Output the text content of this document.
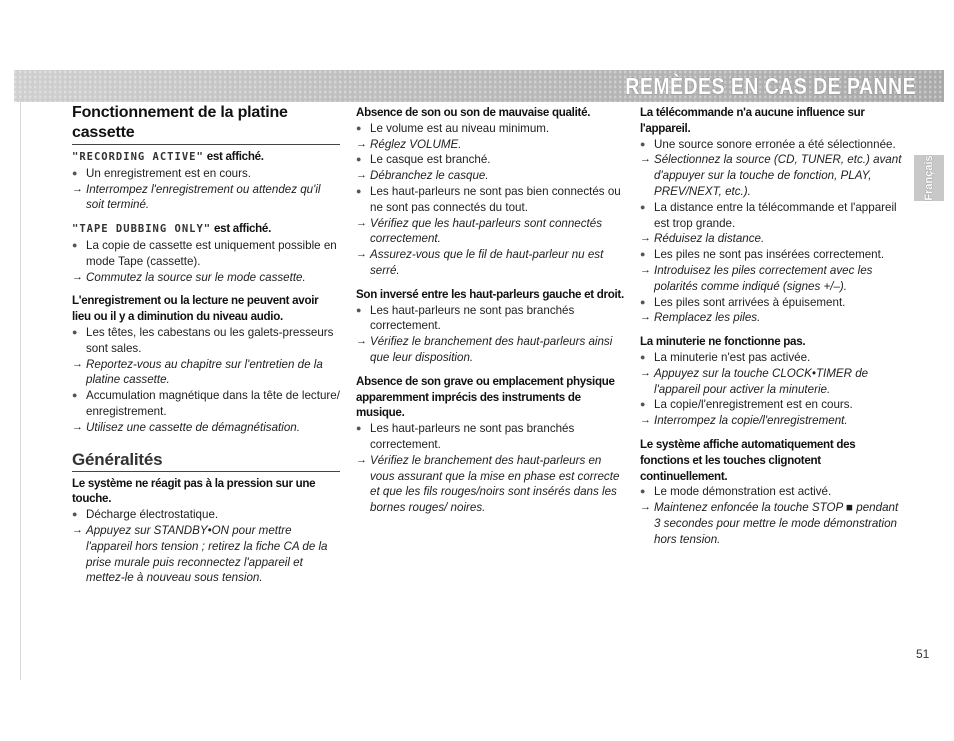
REMÈDES EN CAS DE PANNE
Français
Fonctionnement de la platine cassette
"RECORDING ACTIVE" est affiché.
● Un enregistrement est en cours.
→ Interrompez l'enregistrement ou attendez qu'il soit terminé.
"TAPE DUBBING ONLY" est affiché.
● La copie de cassette est uniquement possible en mode Tape (cassette).
→ Commutez la source sur le mode cassette.
L'enregistrement ou la lecture ne peuvent avoir lieu ou il y a diminution du niveau audio.
● Les têtes, les cabestans ou les galets-presseurs sont sales.
→ Reportez-vous au chapitre sur l'entretien de la platine cassette.
● Accumulation magnétique dans la tête de lecture/ enregistrement.
→ Utilisez une cassette de démagnétisation.
Généralités
Le système ne réagit pas à la pression sur une touche.
● Décharge électrostatique.
→ Appuyez sur STANDBY•ON pour mettre l'appareil hors tension ; retirez la fiche CA de la prise murale puis reconnectez l'appareil et mettez-le à nouveau sous tension.
Absence de son ou son de mauvaise qualité.
● Le volume est au niveau minimum.
→ Réglez VOLUME.
● Le casque est branché.
→ Débranchez le casque.
● Les haut-parleurs ne sont pas bien connectés ou ne sont pas connectés du tout.
→ Vérifiez que les haut-parleurs sont connectés correctement.
→ Assurez-vous que le fil de haut-parleur nu est serré.
Son inversé entre les haut-parleurs gauche et droit.
● Les haut-parleurs ne sont pas branchés correctement.
→ Vérifiez le branchement des haut-parleurs ainsi que leur disposition.
Absence de son grave ou emplacement physique apparemment imprécis des instruments de musique.
● Les haut-parleurs ne sont pas branchés correctement.
→ Vérifiez le branchement des haut-parleurs en vous assurant que la mise en phase est correcte et que les fils rouges/noirs sont insérés dans les bornes rouges/ noires.
La télécommande n'a aucune influence sur l'appareil.
● Une source sonore erronée a été sélectionnée.
→ Sélectionnez la source (CD, TUNER, etc.) avant d'appuyer sur la touche de fonction, PLAY, PREV/NEXT, etc.).
● La distance entre la télécommande et l'appareil est trop grande.
→ Réduisez la distance.
● Les piles ne sont pas insérées correctement.
→ Introduisez les piles correctement avec les polarités comme indiqué (signes +/–).
● Les piles sont arrivées à épuisement.
→ Remplacez les piles.
La minuterie ne fonctionne pas.
● La minuterie n'est pas activée.
→ Appuyez sur la touche CLOCK•TIMER de l'appareil pour activer la minuterie.
● La copie/l'enregistrement est en cours.
→ Interrompez la copie/l'enregistrement.
Le système affiche automatiquement des fonctions et les touches clignotent continuellement.
● Le mode démonstration est activé.
→ Maintenez enfoncée la touche STOP ■ pendant 3 secondes pour mettre le mode démonstration hors tension.
51
